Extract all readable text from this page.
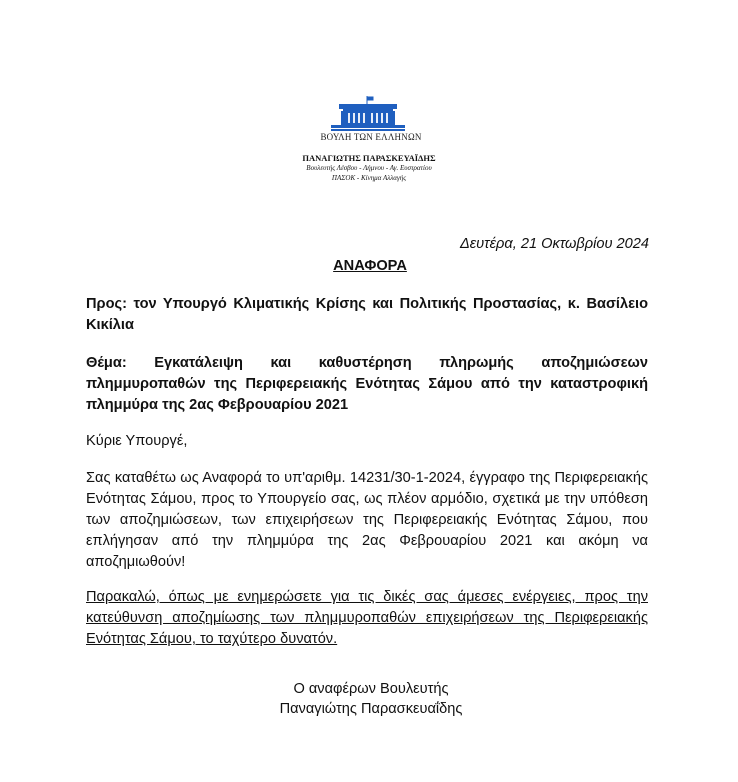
ΒΟΥΛΗ ΤΩΝ ΕΛΛΗΝΩΝ
ΠΑΝΑΓΙΩΤΗΣ ΠΑΡΑΣΚΕΥΑΪΔΗΣ
Βουλευτής Λέσβου - Λήμνου - Αγ. Ευστρατίου
ΠΑΣΟΚ - Κίνημα Αλλαγής
Δευτέρα, 21 Οκτωβρίου 2024
ΑΝΑΦΟΡΑ
Προς: τον Υπουργό Κλιματικής Κρίσης και Πολιτικής Προστασίας, κ. Βασίλειο Κικίλια
Θέμα: Εγκατάλειψη και καθυστέρηση πληρωμής αποζημιώσεων πλημμυροπαθών της Περιφερειακής Ενότητας Σάμου από την καταστροφική πλημμύρα της 2ας Φεβρουαρίου 2021
Κύριε Υπουργέ,
Σας καταθέτω ως Αναφορά το υπ'αριθμ. 14231/30-1-2024, έγγραφο της Περιφερειακής Ενότητας Σάμου, προς το Υπουργείο σας, ως πλέον αρμόδιο, σχετικά με την υπόθεση των αποζημιώσεων, των επιχειρήσεων της Περιφερειακής Ενότητας Σάμου, που επλήγησαν από την πλημμύρα της 2ας Φεβρουαρίου 2021 και ακόμη να αποζημιωθούν!
Παρακαλώ, όπως με ενημερώσετε για τις δικές σας άμεσες ενέργειες, προς την κατεύθυνση αποζημίωσης των πλημμυροπαθών επιχειρήσεων της Περιφερειακής Ενότητας Σάμου, το ταχύτερο δυνατόν.
Ο αναφέρων Βουλευτής
Παναγιώτης Παρασκευαΐδης
